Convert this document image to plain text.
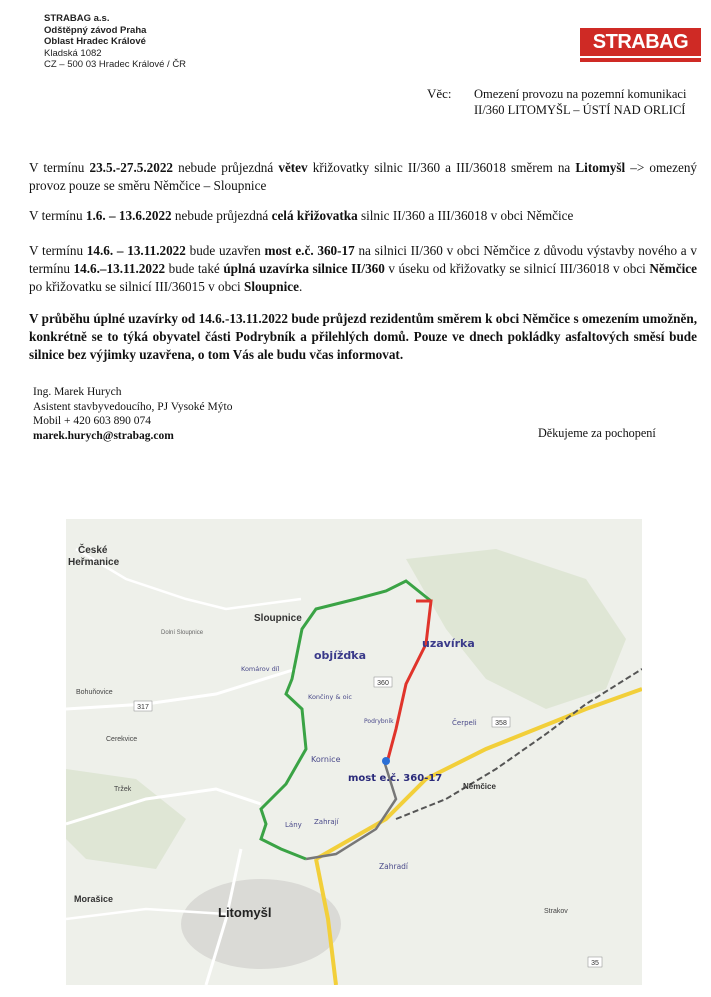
STRABAG a.s.
Odštěpný závod Praha
Oblast Hradec Králové
Kladská 1082
CZ – 500 03 Hradec Králové / ČR
STRABAG
Věc: Omezení provozu na pozemní komunikaci
II/360 LITOMYŠL – ÚSTÍ NAD ORLICÍ
V termínu 23.5.-27.5.2022 nebude průjezdná větev křižovatky silnic II/360 a III/36018 směrem na Litomyšl –> omezený provoz pouze se směru Němčice – Sloupnice
V termínu 1.6. – 13.6.2022 nebude průjezdná celá křižovatka silnic II/360 a III/36018 v obci Němčice
V termínu 14.6. – 13.11.2022 bude uzavřen most e.č. 360-17 na silnici II/360 v obci Němčice z důvodu výstavby nového a v termínu 14.6.–13.11.2022 bude také úplná uzavírka silnice II/360 v úseku od křižovatky se silnicí III/36018 v obci Němčice po křižovatku se silnicí III/36015 v obci Sloupnice.
V průběhu úplné uzavírky od 14.6.-13.11.2022 bude průjezd rezidentům směrem k obci Němčice s omezením umožněn, konkrétně se to týká obyvatel části Podrybník a přilehlých domů. Pouze ve dnech pokládky asfaltových směsí bude silnice bez výjimky uzavřena, o tom Vás ale budu včas informovat.
Ing. Marek Hurych
Asistent stavbyvedoucího, PJ Vysoké Mýto
Mobil + 420 603 890 074
marek.hurych@strabag.com	Děkujeme za pochopení
317
360
358
35
České
Heřmanice
Sloupnice
Dolní Sloupnice
Bohuňovice
Cerekvice
Tržek	Němčice
Morašice
Litomyšl	Strakov
objížďka
uzavírka
most e.č. 360-17
Komárov díl
Končiny & oic
Kornice
Podrybník	Čerpeli
Lány Zahrají
Zahradí
